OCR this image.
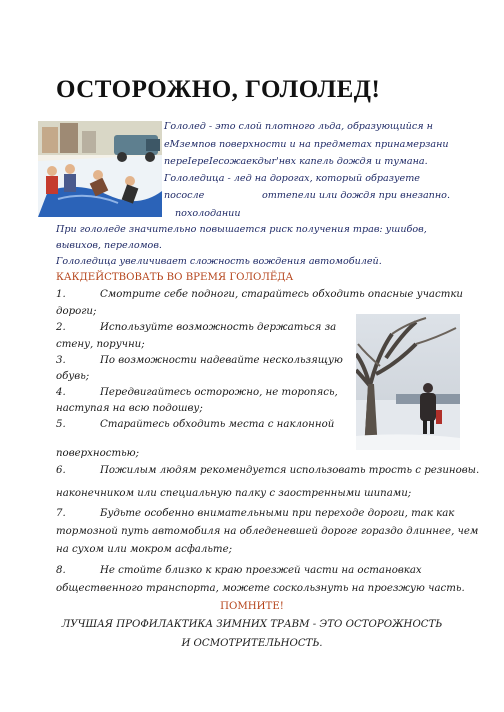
ОСТОРОЖНО, ГОЛОЛЕД!
Гололед - это слой плотного льда, образующийся н
eMземпов поверхности и на предметах принамерзани
переIереIecoжaeкдыr'нвх капель дождя и тумана.
Гололедица - лед на дорогах, который образуете
пocoсле	оттепели или дождя при внезапно.
похолодании
При гололеде значительно повышается риск получения трав: ушибов,
вывихов, переломов.
Гололедица увеличивает сложность вождения автомобилей.
КАКДЕЙСТВОВАТЬ ВО ВРЕМЯ ГОЛОЛЁДА
1.	Смотрите себе подноги, старайтесь обходить опасные участки
дороги;
2.	Используйте возможность держаться за
стену, поручни;
3.	По возможности надевайте нескользящую
обувь;
4.	Передвигайтесь осторожно, не торопясь,
наступая на всю подошву;
5.	Старайтесь обходить места с наклонной
поверхностью;
6.	Пожилым людям рекомендуется использовать трость с резиновы.
наконечником или специальную палку с заостренными шипами;
7.	Будьте особенно внимательными при переходе дороги, так как
тормозной путь автомобиля на обледеневшей дороге гораздо длиннее, чем
на сухом или мокром асфальте;
8.	Не стойте близко к краю проезжей части на остановках
общественного транспорта, можете соскользнуть на проезжую часть.
ПОМНИТЕ!
ЛУЧШАЯ ПРОФИЛАКТИКА ЗИМНИХ ТРАВМ - ЭТО ОСТОРОЖНОСТЬ
И ОСМОТРИТЕЛЬНОСТЬ.
